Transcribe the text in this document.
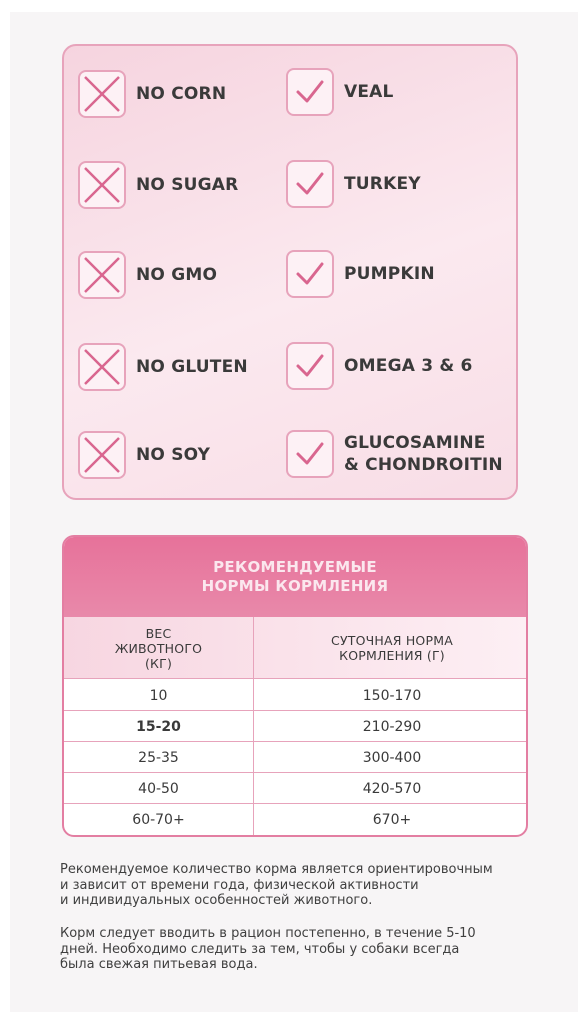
NO CORN
NO SUGAR
NO GMO
NO GLUTEN
NO SOY
VEAL
TURKEY
PUMPKIN
OMEGA 3 & 6
GLUCOSAMINE
& CHONDROITIN
РЕКОМЕНДУЕМЫЕ
НОРМЫ КОРМЛЕНИЯ
ВЕС
ЖИВОТНОГО
(КГ)
СУТОЧНАЯ НОРМА
КОРМЛЕНИЯ (Г)
10	150-170
15-20	210-290
25-35	300-400
40-50	420-570
60-70+	670+
Рекомендуемое количество корма является ориентировочным
и зависит от времени года, физической активности
и индивидуальных особенностей животного.
Корм следует вводить в рацион постепенно, в течение 5-10
дней. Необходимо следить за тем, чтобы у собаки всегда
была свежая питьевая вода.
